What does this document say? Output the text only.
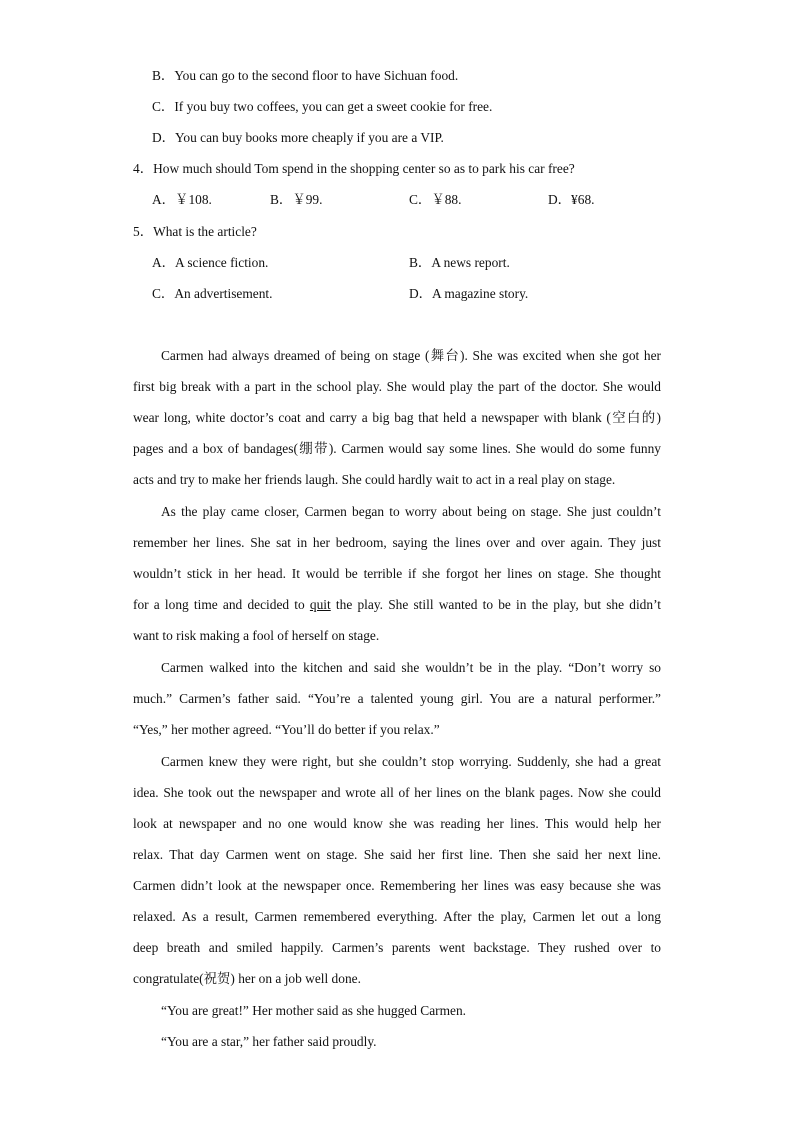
B．You can go to the second floor to have Sichuan food.
C．If you buy two coffees, you can get a sweet cookie for free.
D．You can buy books more cheaply if you are a VIP.
4．How much should Tom spend in the shopping center so as to park his car free?
A．￥108.	B．￥99.	C．￥88.	D．¥68.
5．What is the article?
A．A science fiction.	B．A news report.
C．An advertisement.	D．A magazine story.
Carmen had always dreamed of being on stage (舞台). She was excited when she got her
first big break with a part in the school play. She would play the part of the doctor. She would
wear long, white doctor’s coat and carry a big bag that held a newspaper with blank (空白的)
pages and a box of bandages(绷带). Carmen would say some lines. She would do some funny
acts and try to make her friends laugh. She could hardly wait to act in a real play on stage.
As the play came closer, Carmen began to worry about being on stage. She just couldn’t
remember her lines. She sat in her bedroom, saying the lines over and over again. They just
wouldn’t stick in her head. It would be terrible if she forgot her lines on stage. She thought
for a long time and decided to quit the play. She still wanted to be in the play, but she didn’t
want to risk making a fool of herself on stage.
Carmen walked into the kitchen and said she wouldn’t be in the play. “Don’t worry so
much.” Carmen’s father said. “You’re a talented young girl. You are a natural performer.”
“Yes,” her mother agreed. “You’ll do better if you relax.”
Carmen knew they were right, but she couldn’t stop worrying. Suddenly, she had a great
idea. She took out the newspaper and wrote all of her lines on the blank pages. Now she could
look at newspaper and no one would know she was reading her lines. This would help her
relax. That day Carmen went on stage. She said her first line. Then she said her next line.
Carmen didn’t look at the newspaper once. Remembering her lines was easy because she was
relaxed. As a result, Carmen remembered everything. After the play, Carmen let out a long
deep breath and smiled happily. Carmen’s parents went backstage. They rushed over to
congratulate(祝贺) her on a job well done.
“You are great!” Her mother said as she hugged Carmen.
“You are a star,” her father said proudly.
